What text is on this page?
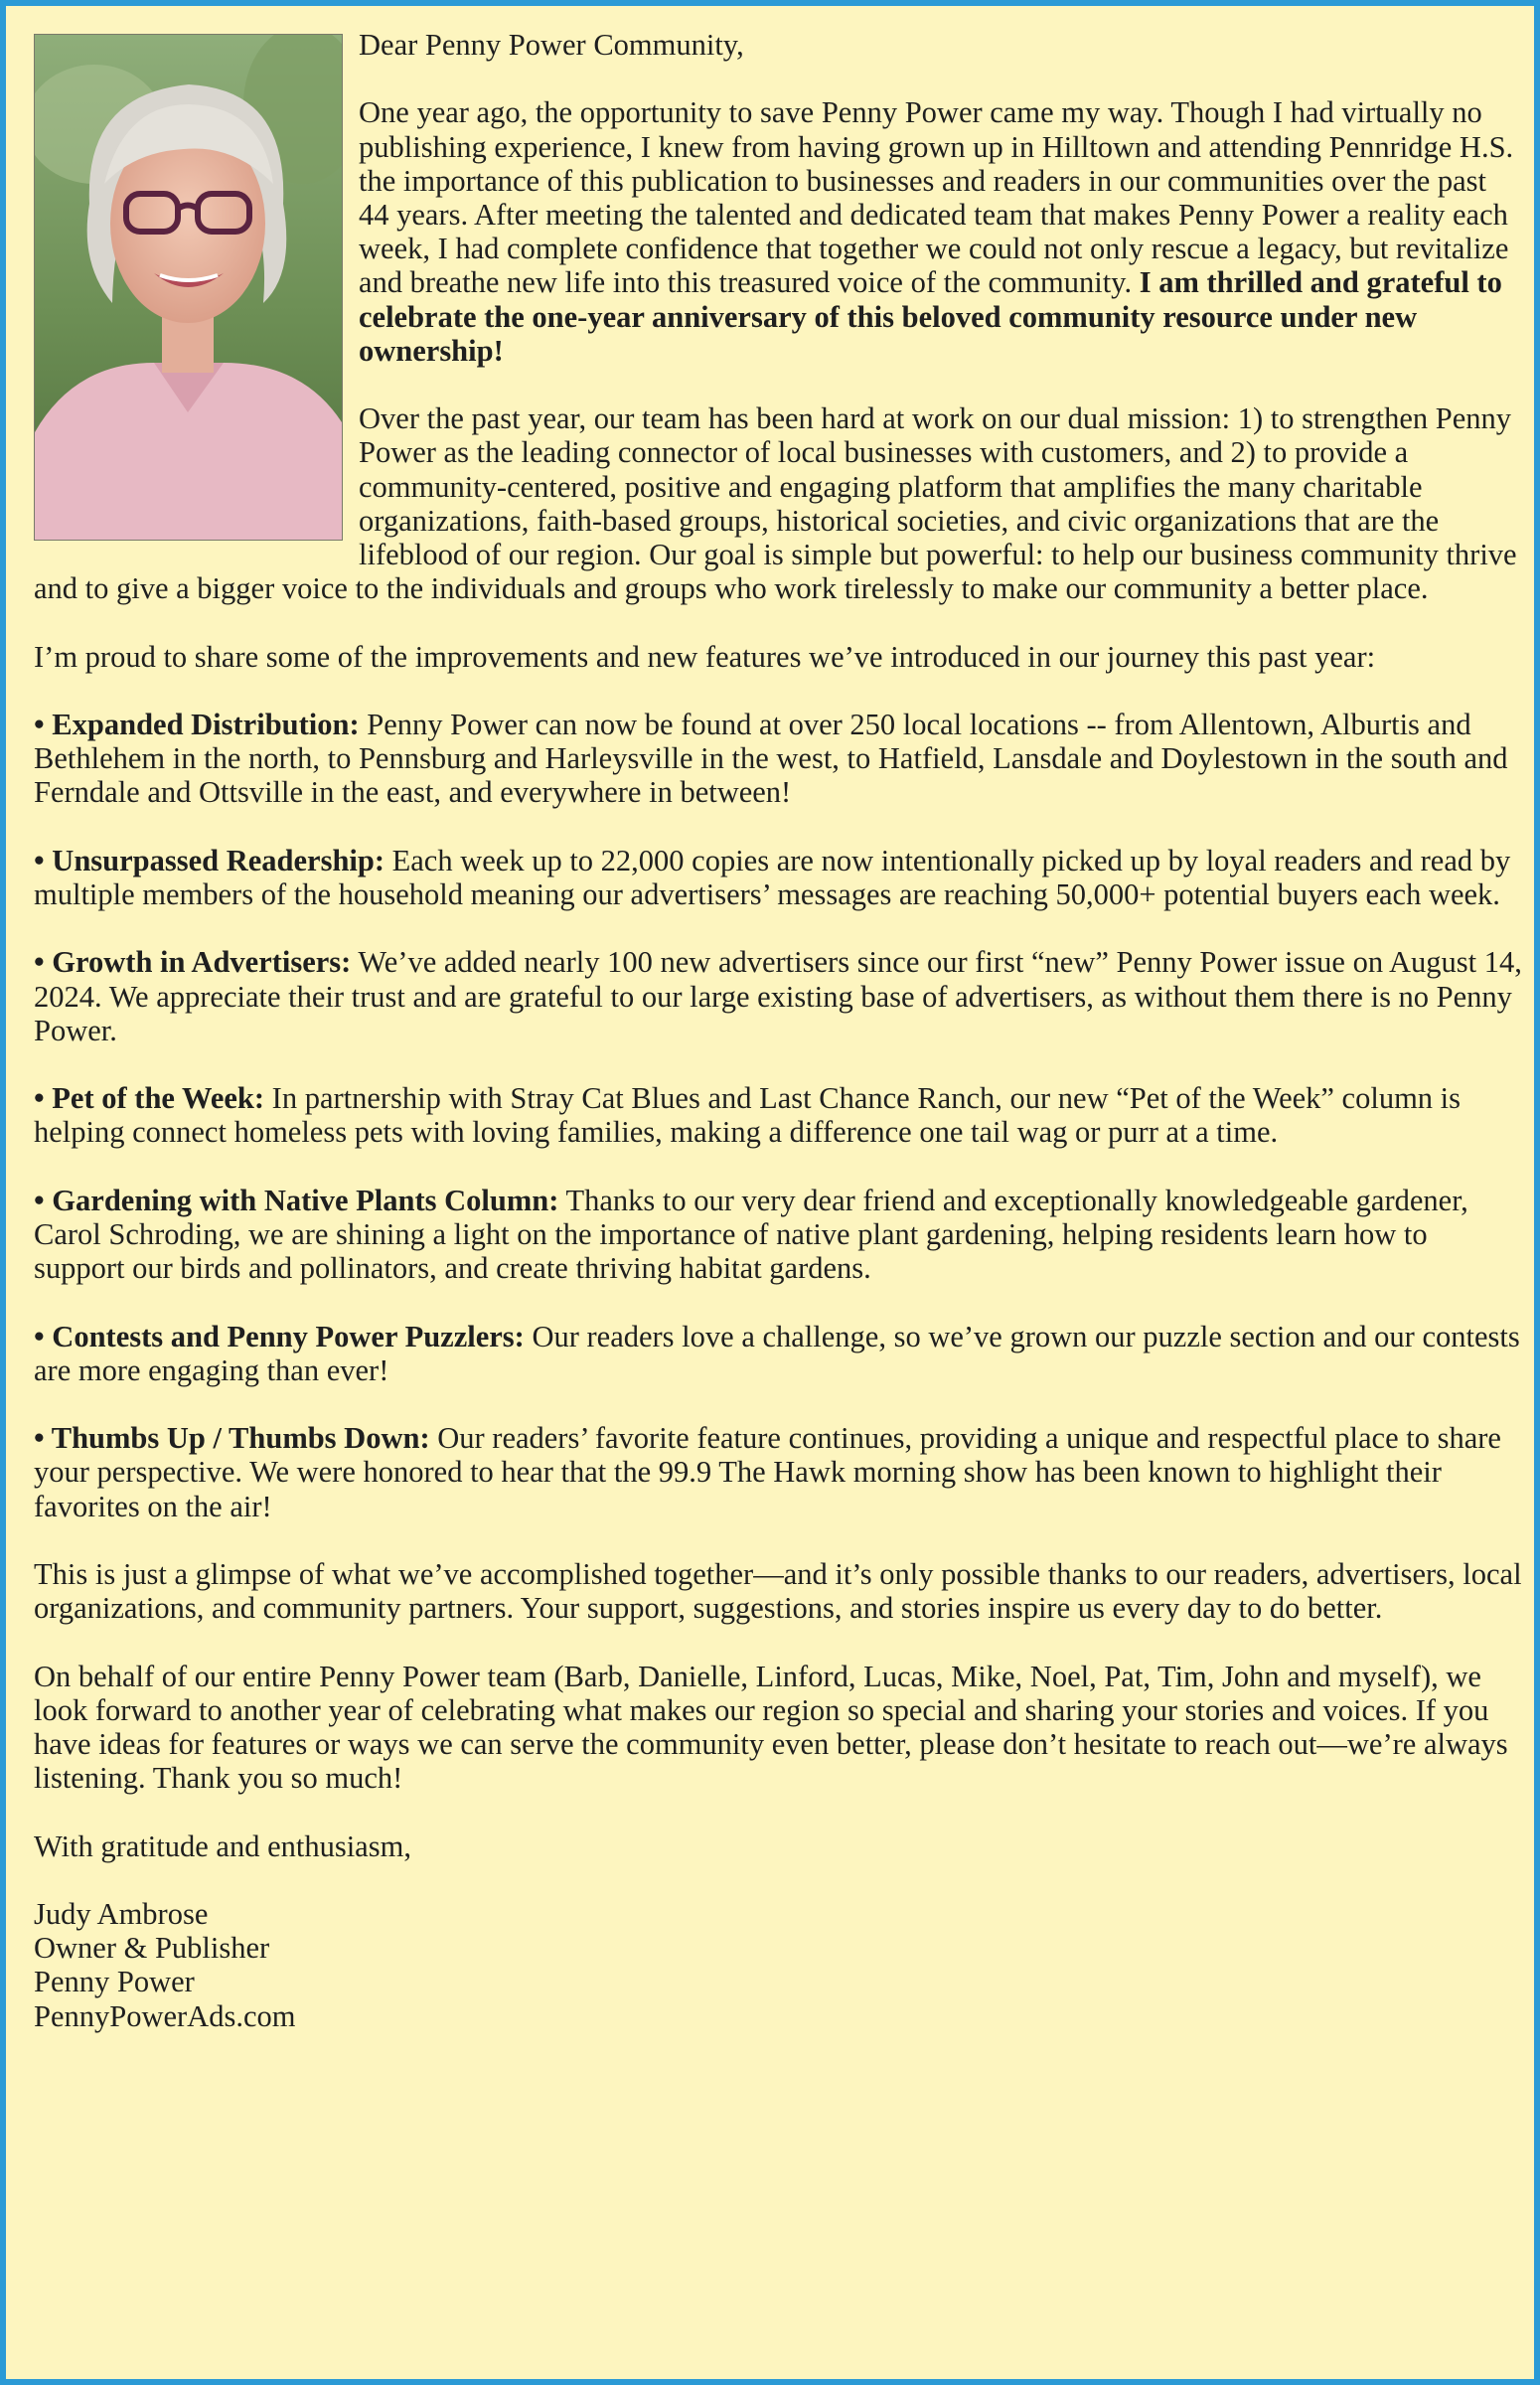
Dear Penny Power Community,

One year ago, the opportunity to save Penny Power came my way. Though I had virtually no publishing experience, I knew from having grown up in Hilltown and attending Pennridge H.S. the importance of this publication to businesses and readers in our communities over the past 44 years. After meeting the talented and dedicated team that makes Penny Power a reality each week, I had complete confidence that together we could not only rescue a legacy, but revitalize and breathe new life into this treasured voice of the community. I am thrilled and grateful to celebrate the one-year anniversary of this beloved community resource under new ownership!

Over the past year, our team has been hard at work on our dual mission: 1) to strengthen Penny Power as the leading connector of local businesses with customers, and 2) to provide a community-centered, positive and engaging platform that amplifies the many charitable organizations, faith-based groups, historical societies, and civic organizations that are the lifeblood of our region. Our goal is simple but powerful: to help our business community thrive and to give a bigger voice to the individuals and groups who work tirelessly to make our community a better place.

I’m proud to share some of the improvements and new features we’ve introduced in our journey this past year:

• Expanded Distribution: Penny Power can now be found at over 250 local locations -- from Allentown, Alburtis and Bethlehem in the north, to Pennsburg and Harleysville in the west, to Hatfield, Lansdale and Doylestown in the south and Ferndale and Ottsville in the east, and everywhere in between!

• Unsurpassed Readership: Each week up to 22,000 copies are now intentionally picked up by loyal readers and read by multiple members of the household meaning our advertisers’ messages are reaching 50,000+ potential buyers each week.

• Growth in Advertisers: We’ve added nearly 100 new advertisers since our first “new” Penny Power issue on August 14, 2024. We appreciate their trust and are grateful to our large existing base of advertisers, as without them there is no Penny Power.

• Pet of the Week: In partnership with Stray Cat Blues and Last Chance Ranch, our new “Pet of the Week” column is helping connect homeless pets with loving families, making a difference one tail wag or purr at a time.

• Gardening with Native Plants Column: Thanks to our very dear friend and exceptionally knowledgeable gardener, Carol Schroding, we are shining a light on the importance of native plant gardening, helping residents learn how to support our birds and pollinators, and create thriving habitat gardens.

• Contests and Penny Power Puzzlers: Our readers love a challenge, so we’ve grown our puzzle section and our contests are more engaging than ever!

• Thumbs Up / Thumbs Down: Our readers’ favorite feature continues, providing a unique and respectful place to share your perspective. We were honored to hear that the 99.9 The Hawk morning show has been known to highlight their favorites on the air!

This is just a glimpse of what we’ve accomplished together—and it’s only possible thanks to our readers, advertisers, local organizations, and community partners. Your support, suggestions, and stories inspire us every day to do better.

On behalf of our entire Penny Power team (Barb, Danielle, Linford, Lucas, Mike, Noel, Pat, Tim, John and myself), we look forward to another year of celebrating what makes our region so special and sharing your stories and voices. If you have ideas for features or ways we can serve the community even better, please don’t hesitate to reach out—we’re always listening. Thank you so much!

With gratitude and enthusiasm,

Judy Ambrose
Owner & Publisher
Penny Power
PennyPowerAds.com
